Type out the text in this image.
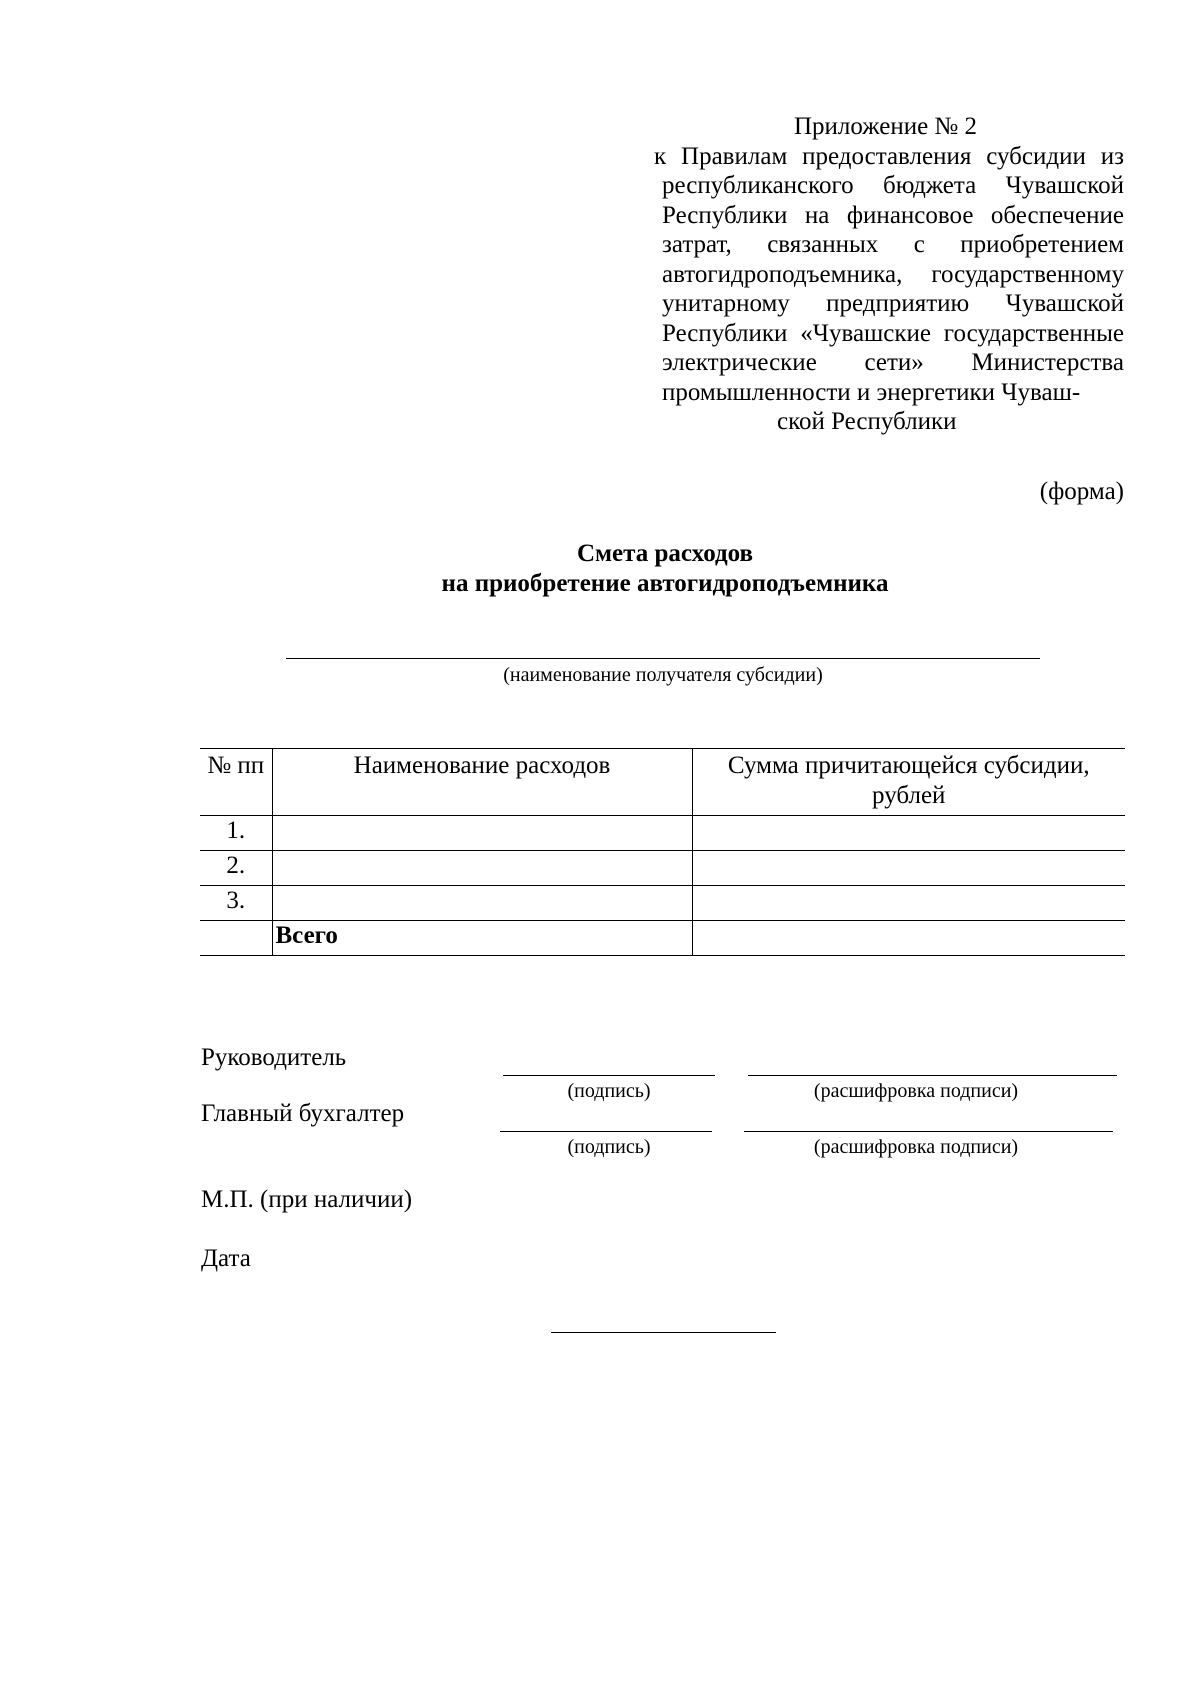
Приложение № 2
к Правилам предоставления субсидии из республиканского бюджета Чувашской Республики на финансовое обеспечение затрат, связанных с приобретением автогидроподъемника, государственному унитарному предприятию Чувашской Республики «Чувашские государственные электрические сети» Министерства промышленности и энергетики Чуваш-
ской Республики
(форма)
Смета расходов
на приобретение автогидроподъемника
(наименование получателя субсидии)
№ пп	Наименование расходов	Сумма причитающейся субсидии, рублей
1.		
2.		
3.		
	Всего	
Руководитель
(подпись)	(расшифровка подписи)
Главный бухгалтер
(подпись)	(расшифровка подписи)
М.П. (при наличии)
Дата
